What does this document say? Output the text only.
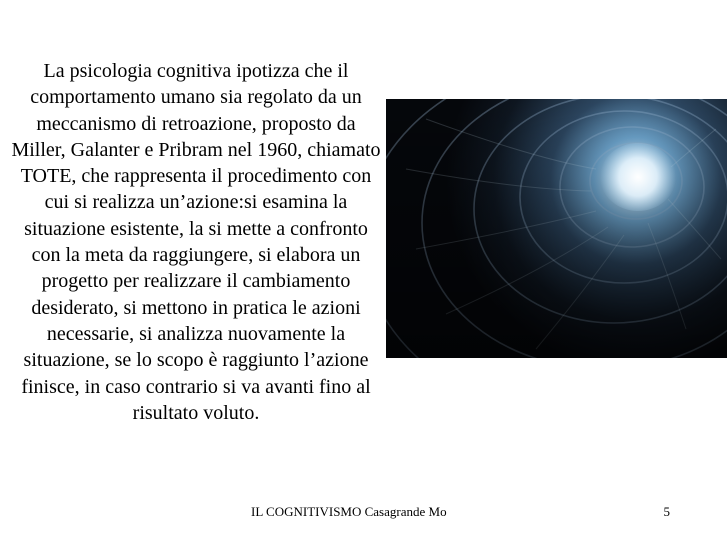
La psicologia cognitiva ipotizza che il comportamento umano sia regolato da un meccanismo di retroazione, proposto da Miller, Galanter e Pribram nel 1960, chiamato TOTE, che rappresenta il procedimento con cui si realizza un’azione:si esamina la situazione esistente, la si mette a confronto con la meta da raggiungere, si elabora un progetto per realizzare il cambiamento desiderato, si mettono in pratica le azioni necessarie, si analizza nuovamente la situazione, se lo scopo è raggiunto l’azione finisce, in caso contrario si va avanti fino al risultato voluto.

IL COGNITIVISMO Casagrande Mo	5
